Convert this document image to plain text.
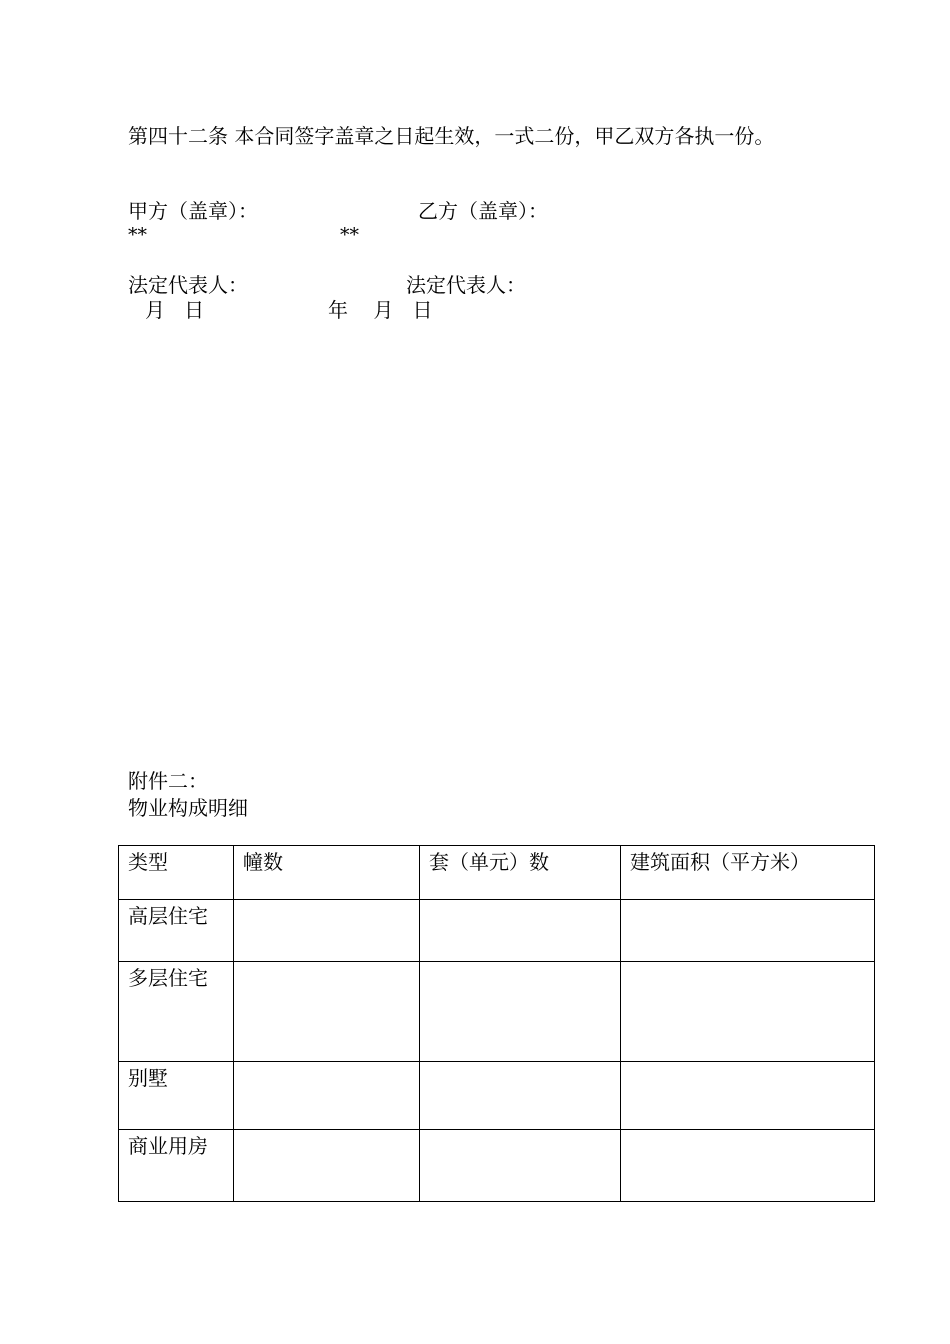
第四十二条 本合同签字盖章之日起生效，一式二份，甲乙双方各执一份。
甲方（盖章）：	乙方（盖章）：
**	**
法定代表人：	法定代表人：
月   日	年    月   日
附件二：
物业构成明细
类型	幢数	套（单元）数	建筑面积（平方米）
高层住宅			
多层住宅			
别墅			
商业用房			
